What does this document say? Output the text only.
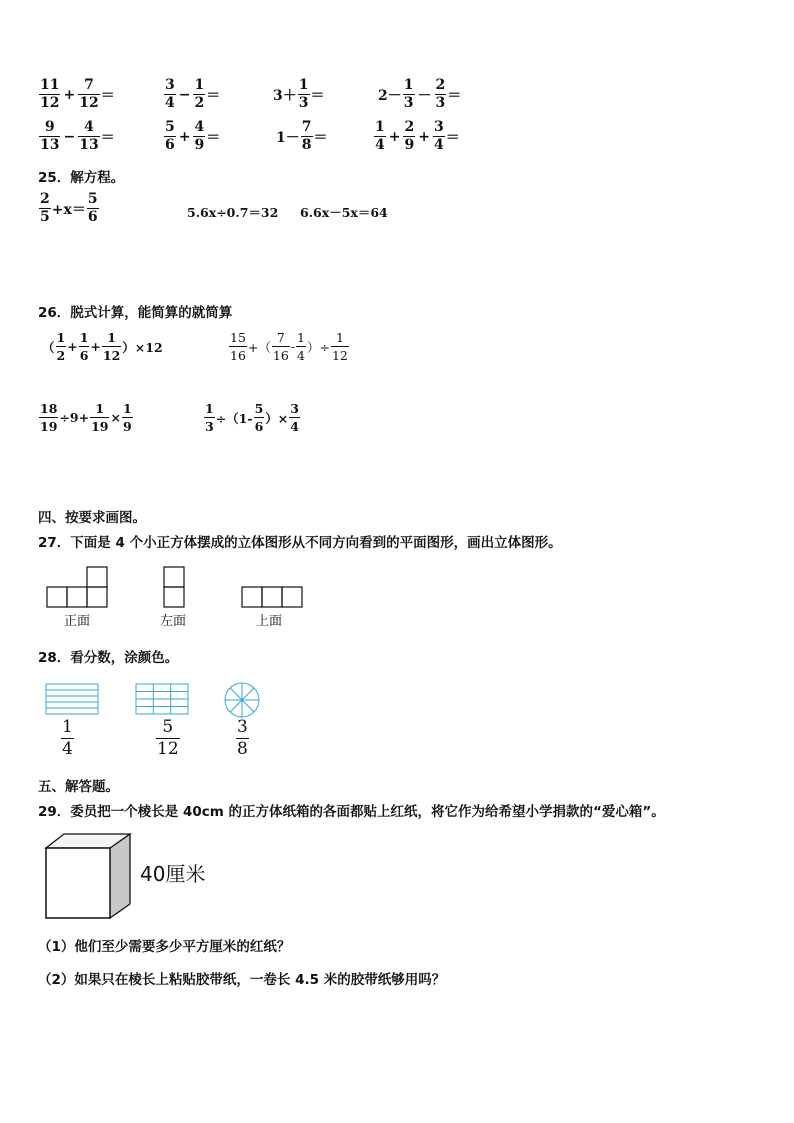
$\frac{11}{12} + \frac{7}{12}$ ＝	$\frac{3}{4} - \frac{1}{2}$ ＝	$3+ \frac{1}{3}$ ＝	$2- \frac{1}{3} - \frac{2}{3}$ ＝
$\frac{9}{13} - \frac{4}{13}$ ＝	$\frac{5}{6} + \frac{4}{9}$ ＝	$1- \frac{7}{8}$ ＝	$\frac{1}{4} + \frac{2}{9} + \frac{3}{4}$ ＝
25．解方程。
$\frac{2}{5} +x= \frac{5}{6}$	5.6x÷0.7＝32 6.6x－5x＝64
26．脱式计算，能简算的就简算
（ $\frac{1}{2} + \frac{1}{6} + \frac{1}{12} )\times 12$	$\frac{15}{16}$ +（ $\frac{7}{16} - \frac{1}{4}$ ）÷ $\frac{1}{12}$
$\frac{18}{19} \div 9+ \frac{1}{19} \times \frac{1}{9}$	$\frac{1}{3} \div(1- \frac{5}{6}$ ）× $\frac{3}{4}$
四、按要求画图。
27．下面是 4 个小正方体摆成的立体图形从不同方向看到的平面图形，画出立体图形。
正面	左面	上面
28．看分数，涂颜色。
$\frac{1}{4}$	$\frac{5}{12}$	$\frac{3}{8}$
五、解答题。
29．委员把一个棱长是 40cm 的正方体纸箱的各面都贴上红纸，将它作为给希望小学捐款的“爱心箱”。
40厘米
（1）他们至少需要多少平方厘米的红纸？
（2）如果只在棱长上粘贴胶带纸，一卷长 4.5 米的胶带纸够用吗？
